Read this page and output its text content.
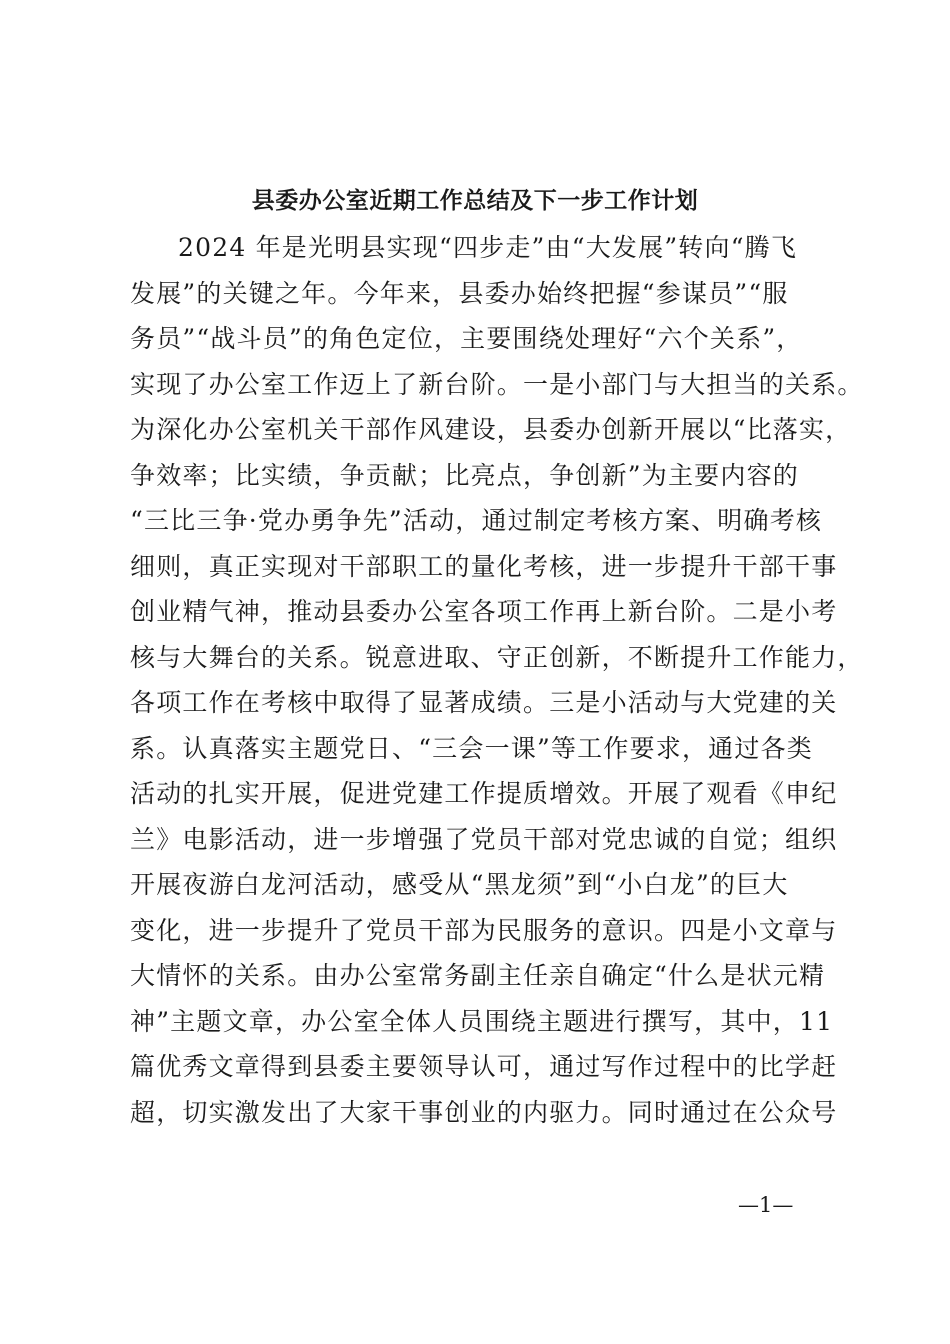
县委办公室近期工作总结及下一步工作计划
2024 年是光明县实现“四步走”由“大发展”转向“腾飞
发展”的关键之年。今年来，县委办始终把握“参谋员”“服
务员”“战斗员”的角色定位，主要围绕处理好“六个关系”，
实现了办公室工作迈上了新台阶。一是小部门与大担当的关系。
为深化办公室机关干部作风建设，县委办创新开展以“比落实，
争效率；比实绩，争贡献；比亮点，争创新”为主要内容的
“三比三争·党办勇争先”活动，通过制定考核方案、明确考核
细则，真正实现对干部职工的量化考核，进一步提升干部干事
创业精气神，推动县委办公室各项工作再上新台阶。二是小考
核与大舞台的关系。锐意进取、守正创新，不断提升工作能力，
各项工作在考核中取得了显著成绩。三是小活动与大党建的关
系。认真落实主题党日、“三会一课”等工作要求，通过各类
活动的扎实开展，促进党建工作提质增效。开展了观看《申纪
兰》电影活动，进一步增强了党员干部对党忠诚的自觉；组织
开展夜游白龙河活动，感受从“黑龙须”到“小白龙”的巨大
变化，进一步提升了党员干部为民服务的意识。四是小文章与
大情怀的关系。由办公室常务副主任亲自确定“什么是状元精
神”主题文章，办公室全体人员围绕主题进行撰写，其中，11
篇优秀文章得到县委主要领导认可，通过写作过程中的比学赶
超，切实激发出了大家干事创业的内驱力。同时通过在公众号
—1—
